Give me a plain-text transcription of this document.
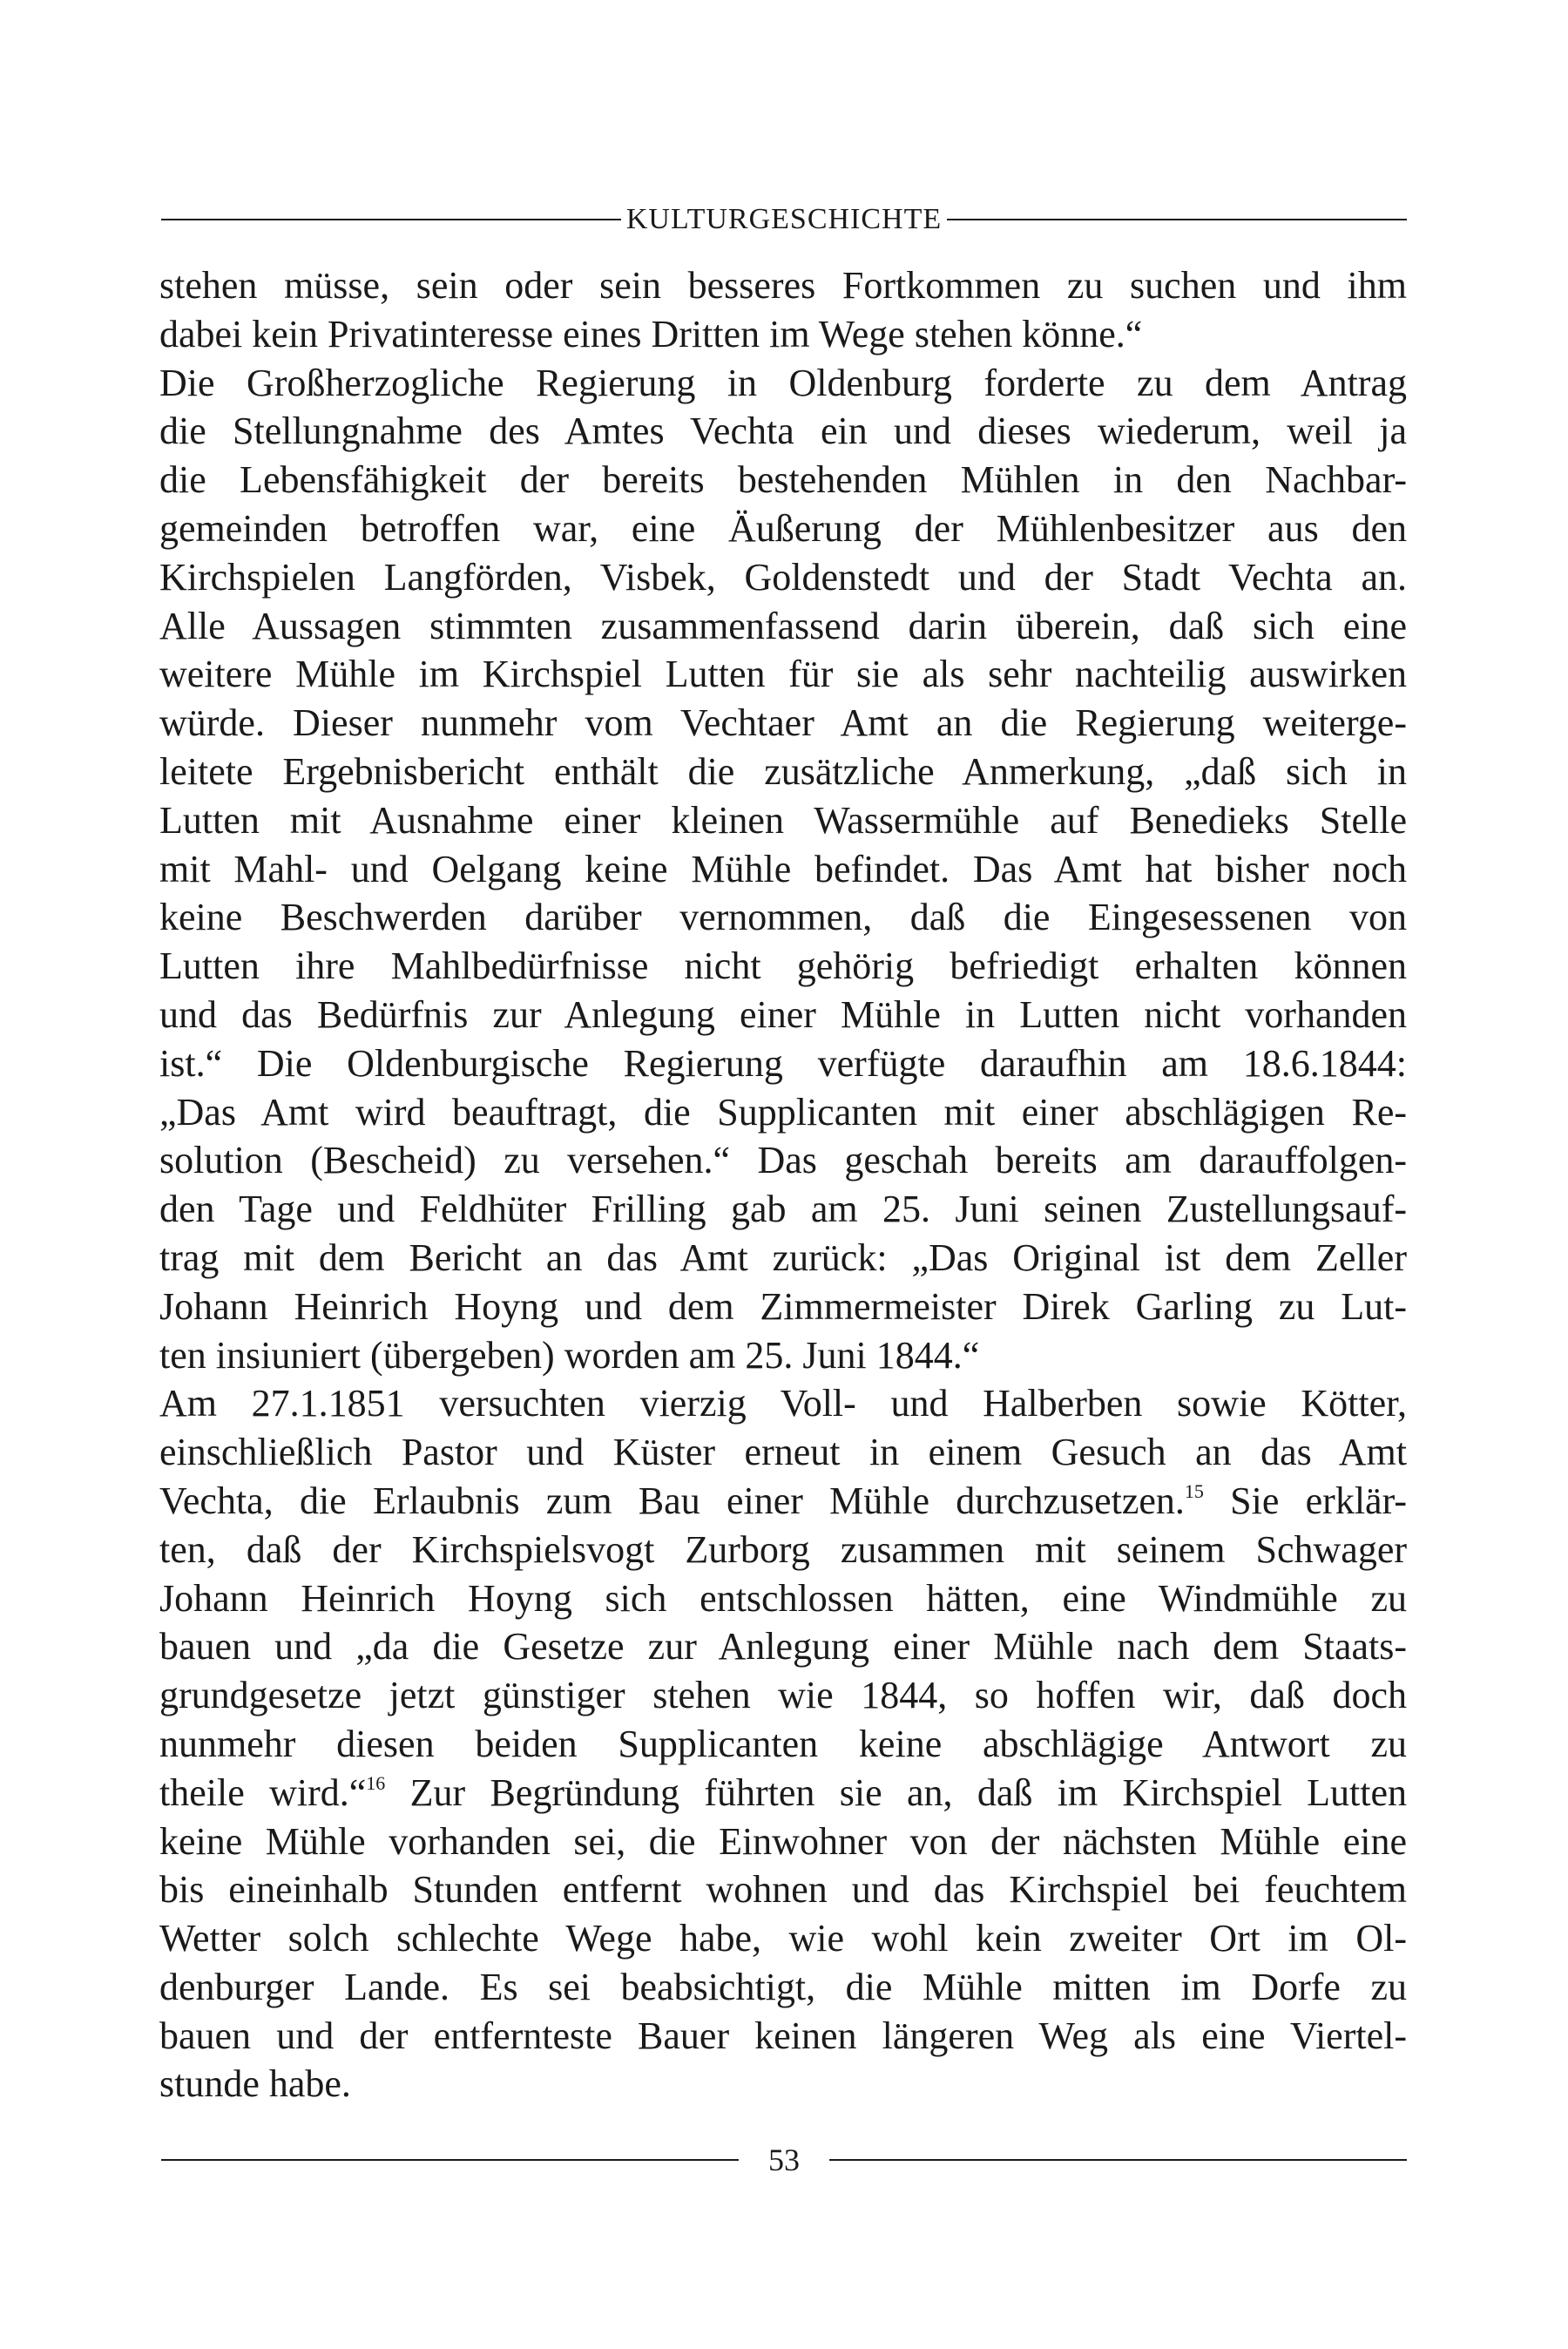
KULTURGESCHICHTE
stehen müsse, sein oder sein besseres Fortkommen zu suchen und ihm
dabei kein Privatinteresse eines Dritten im Wege stehen könne.“
Die Großherzogliche Regierung in Oldenburg forderte zu dem Antrag
die Stellungnahme des Amtes Vechta ein und dieses wiederum, weil ja
die Lebensfähigkeit der bereits bestehenden Mühlen in den Nachbar-
gemeinden betroffen war, eine Äußerung der Mühlenbesitzer aus den
Kirchspielen Langförden, Visbek, Goldenstedt und der Stadt Vechta an.
Alle Aussagen stimmten zusammenfassend darin überein, daß sich eine
weitere Mühle im Kirchspiel Lutten für sie als sehr nachteilig auswirken
würde. Dieser nunmehr vom Vechtaer Amt an die Regierung weiterge-
leitete Ergebnisbericht enthält die zusätzliche Anmerkung, „daß sich in
Lutten mit Ausnahme einer kleinen Wassermühle auf Benedieks Stelle
mit Mahl- und Oelgang keine Mühle befindet. Das Amt hat bisher noch
keine Beschwerden darüber vernommen, daß die Eingesessenen von
Lutten ihre Mahlbedürfnisse nicht gehörig befriedigt erhalten können
und das Bedürfnis zur Anlegung einer Mühle in Lutten nicht vorhanden
ist.“ Die Oldenburgische Regierung verfügte daraufhin am 18.6.1844:
„Das Amt wird beauftragt, die Supplicanten mit einer abschlägigen Re-
solution (Bescheid) zu versehen.“ Das geschah bereits am darauffolgen-
den Tage und Feldhüter Frilling gab am 25. Juni seinen Zustellungsauf-
trag mit dem Bericht an das Amt zurück: „Das Original ist dem Zeller
Johann Heinrich Hoyng und dem Zimmermeister Direk Garling zu Lut-
ten insiuniert (übergeben) worden am 25. Juni 1844.“
Am 27.1.1851 versuchten vierzig Voll- und Halberben sowie Kötter,
einschließlich Pastor und Küster erneut in einem Gesuch an das Amt
Vechta, die Erlaubnis zum Bau einer Mühle durchzusetzen.$^{15}$ Sie erklär-
ten, daß der Kirchspielsvogt Zurborg zusammen mit seinem Schwager
Johann Heinrich Hoyng sich entschlossen hätten, eine Windmühle zu
bauen und „da die Gesetze zur Anlegung einer Mühle nach dem Staats-
grundgesetze jetzt günstiger stehen wie 1844, so hoffen wir, daß doch
nunmehr diesen beiden Supplicanten keine abschlägige Antwort zu
theile wird.“$^{16}$ Zur Begründung führten sie an, daß im Kirchspiel Lutten
keine Mühle vorhanden sei, die Einwohner von der nächsten Mühle eine
bis eineinhalb Stunden entfernt wohnen und das Kirchspiel bei feuchtem
Wetter solch schlechte Wege habe, wie wohl kein zweiter Ort im Ol-
denburger Lande. Es sei beabsichtigt, die Mühle mitten im Dorfe zu
bauen und der entfernteste Bauer keinen längeren Weg als eine Viertel-
stunde habe.
53
